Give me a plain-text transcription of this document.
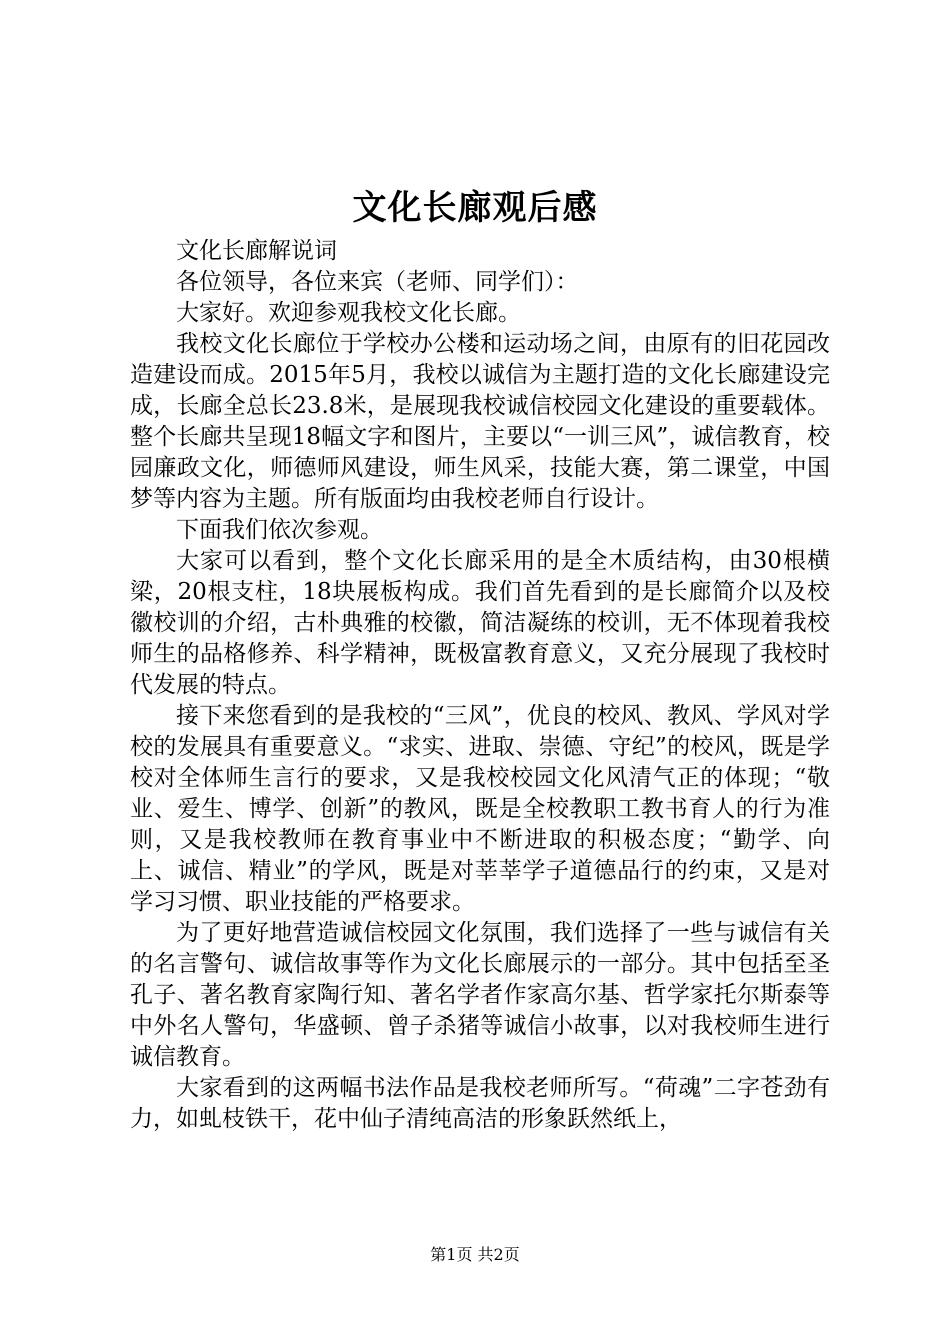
文化长廊观后感

文化长廊解说词

各位领导，各位来宾（老师、同学们）：

大家好。欢迎参观我校文化长廊。

我校文化长廊位于学校办公楼和运动场之间，由原有的旧花园改造建设而成。2015年5月，我校以诚信为主题打造的文化长廊建设完成，长廊全总长23.8米，是展现我校诚信校园文化建设的重要载体。整个长廊共呈现18幅文字和图片，主要以“一训三风”，诚信教育，校园廉政文化，师德师风建设，师生风采，技能大赛，第二课堂，中国梦等内容为主题。所有版面均由我校老师自行设计。

下面我们依次参观。

大家可以看到，整个文化长廊采用的是全木质结构，由30根横梁，20根支柱，18块展板构成。我们首先看到的是长廊简介以及校徽校训的介绍，古朴典雅的校徽，简洁凝练的校训，无不体现着我校师生的品格修养、科学精神，既极富教育意义，又充分展现了我校时代发展的特点。

接下来您看到的是我校的“三风”，优良的校风、教风、学风对学校的发展具有重要意义。“求实、进取、崇德、守纪”的校风，既是学校对全体师生言行的要求，又是我校校园文化风清气正的体现；“敬业、爱生、博学、创新”的教风，既是全校教职工教书育人的行为准则，又是我校教师在教育事业中不断进取的积极态度；“勤学、向上、诚信、精业”的学风，既是对莘莘学子道德品行的约束，又是对学习习惯、职业技能的严格要求。

为了更好地营造诚信校园文化氛围，我们选择了一些与诚信有关的名言警句、诚信故事等作为文化长廊展示的一部分。其中包括至圣孔子、著名教育家陶行知、著名学者作家高尔基、哲学家托尔斯泰等中外名人警句，华盛顿、曾子杀猪等诚信小故事，以对我校师生进行诚信教育。

大家看到的这两幅书法作品是我校老师所写。“荷魂”二字苍劲有力，如虬枝铁干，花中仙子清纯高洁的形象跃然纸上，

第1页 共2页
